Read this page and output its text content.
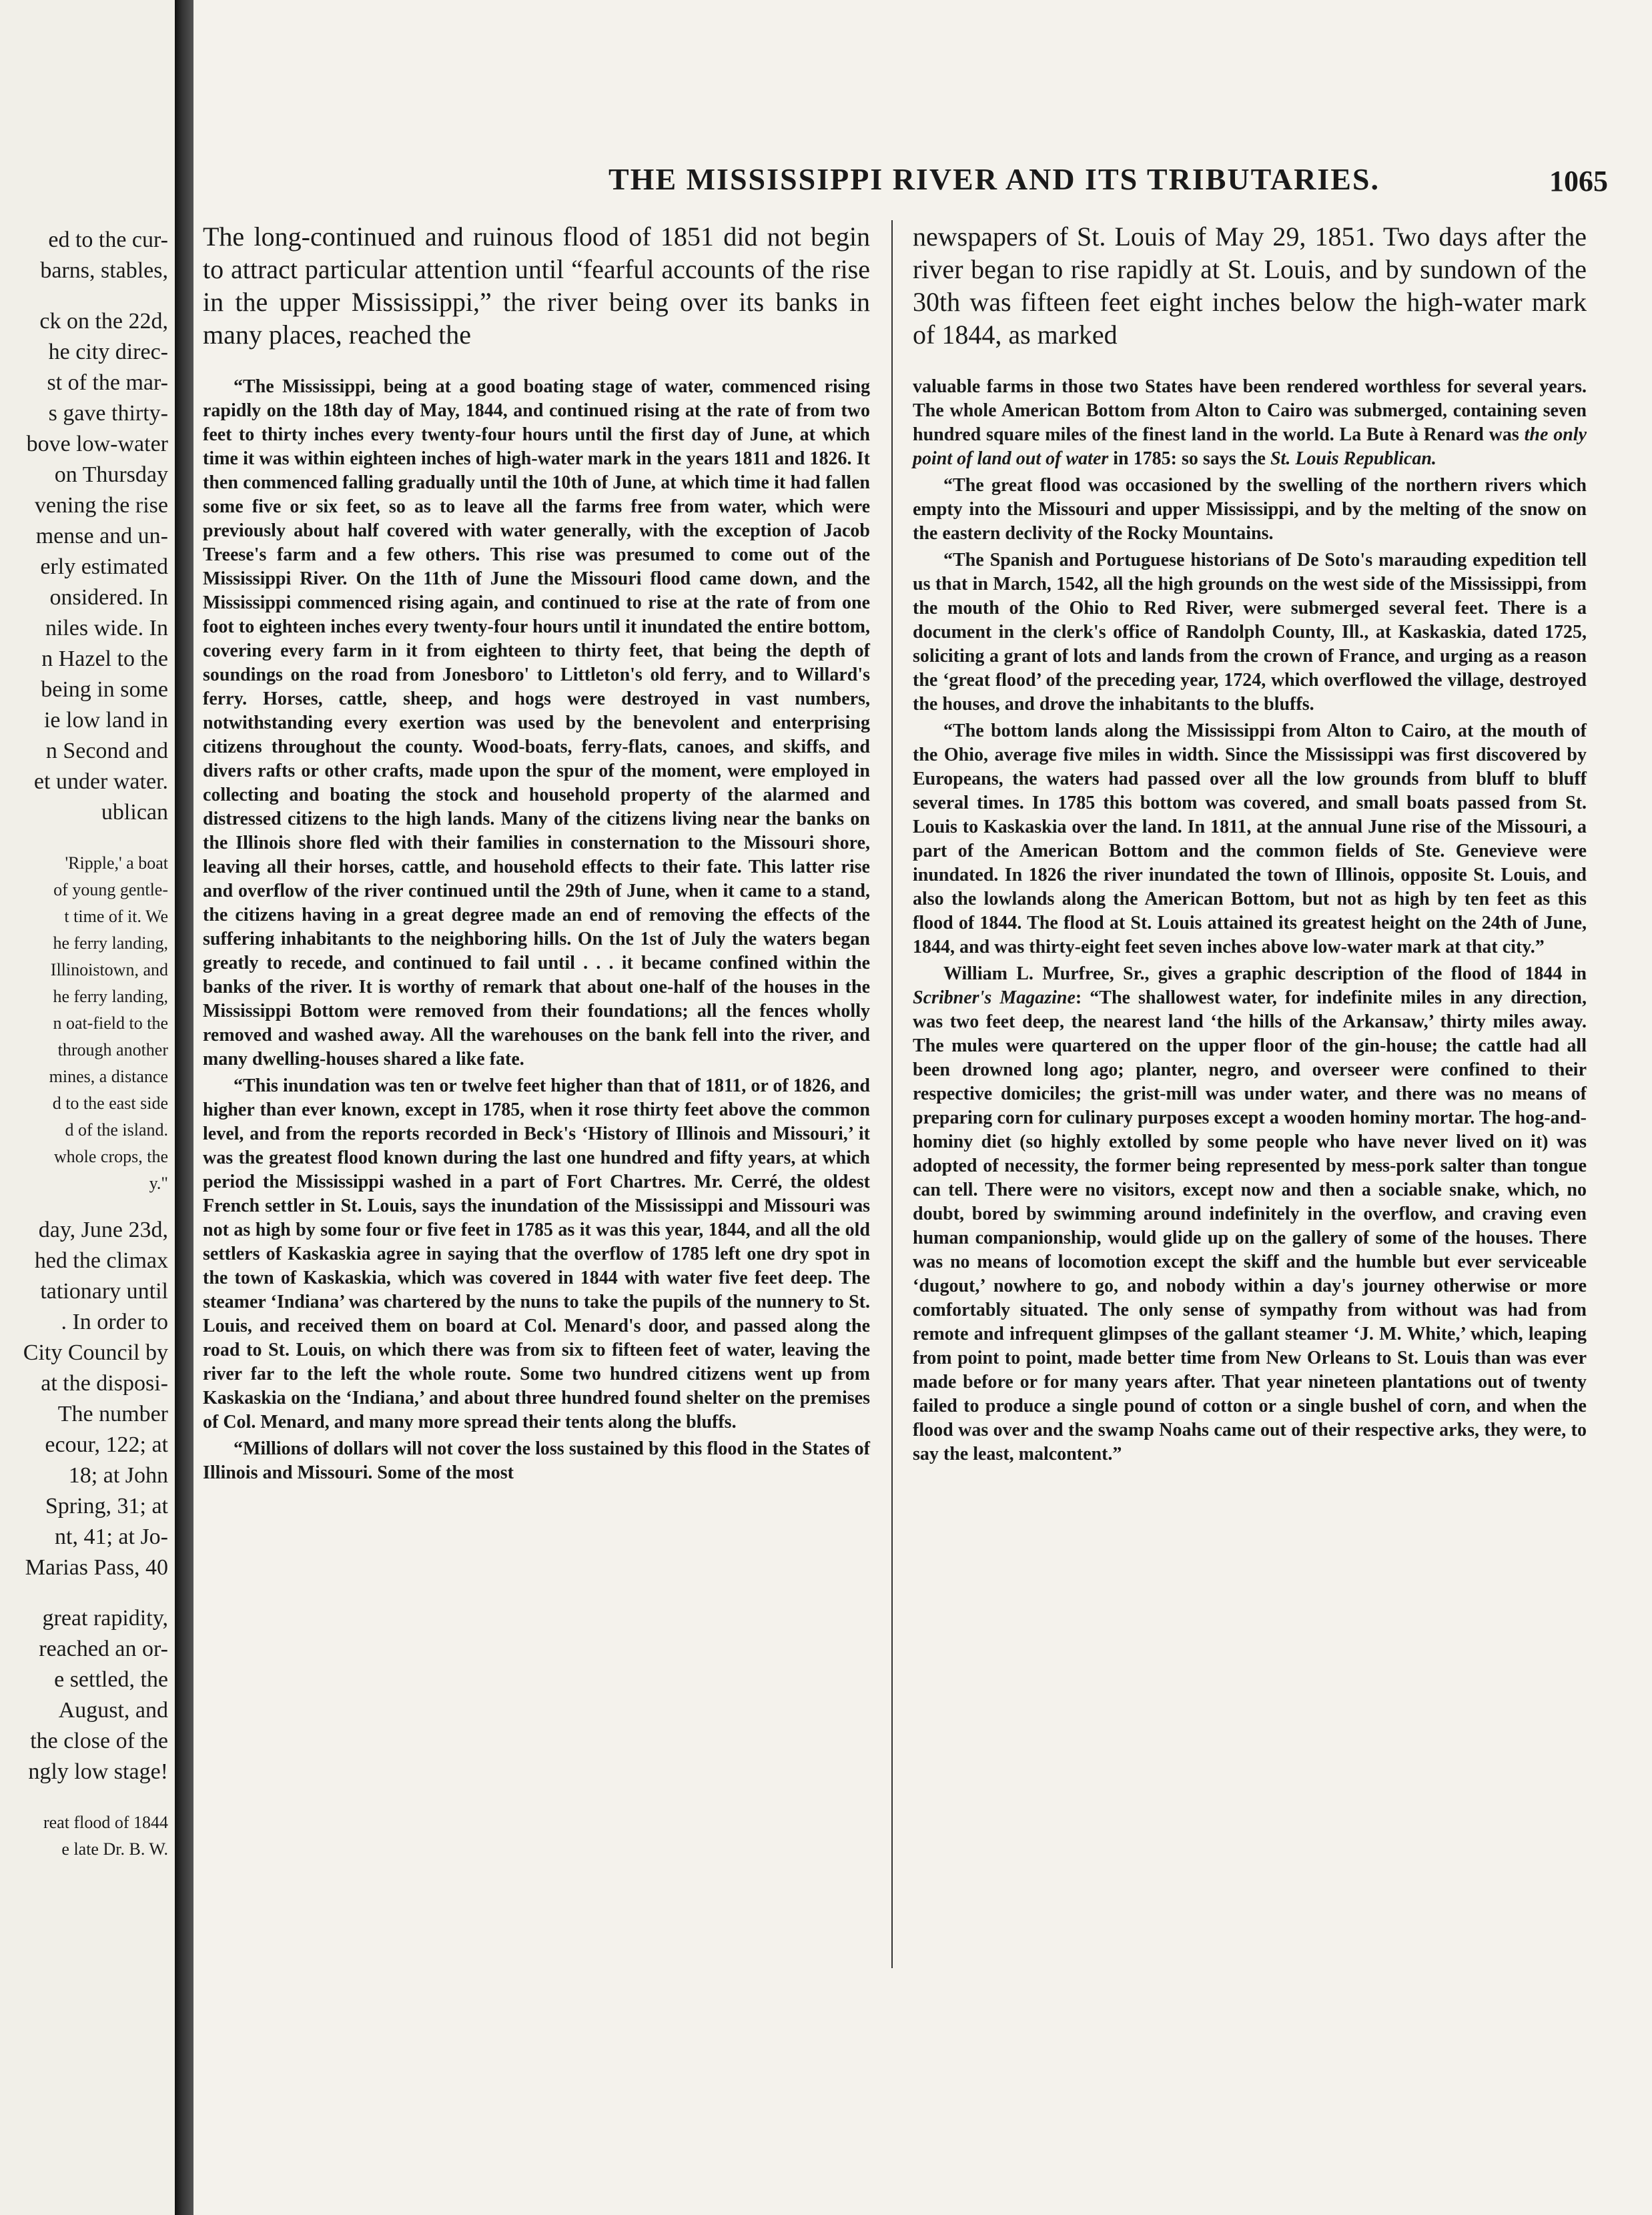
ed to the cur-
barns, stables,
ck on the 22d,
he city direc-
st of the mar-
s gave thirty-
bove low-water
on Thursday
vening the rise
mense and un-
erly estimated
onsidered. In
niles wide. In
n Hazel to the
being in some
ie low land in
n Second and
et under water.
ublican
'Ripple,' a boat
of young gentle-
t time of it. We
he ferry landing,
Illinoistown, and
he ferry landing,
n oat-field to the
through another
mines, a distance
d to the east side
d of the island.
whole crops, the
y."
day, June 23d,
hed the climax
tationary until
. In order to
City Council by
at the disposi-
The number
ecour, 122; at
18; at John
Spring, 31; at
nt, 41; at Jo-
Marias Pass, 40
great rapidity,
reached an or-
e settled, the
August, and
the close of the
ngly low stage!
reat flood of 1844
e late Dr. B. W.
THE MISSISSIPPI RIVER AND ITS TRIBUTARIES.	1065

The long-continued and ruinous flood of 1851 did not begin to attract particular attention until “fearful accounts of the rise in the upper Mississippi,” the river being over its banks in many places, reached the

“The Mississippi, being at a good boating stage of water, commenced rising rapidly on the 18th day of May, 1844, and continued rising at the rate of from two feet to thirty inches every twenty-four hours until the first day of June, at which time it was within eighteen inches of high-water mark in the years 1811 and 1826. It then commenced falling gradually until the 10th of June, at which time it had fallen some five or six feet, so as to leave all the farms free from water, which were previously about half covered with water generally, with the exception of Jacob Treese's farm and a few others. This rise was presumed to come out of the Mississippi River. On the 11th of June the Missouri flood came down, and the Mississippi commenced rising again, and continued to rise at the rate of from one foot to eighteen inches every twenty-four hours until it inundated the entire bottom, covering every farm in it from eighteen to thirty feet, that being the depth of soundings on the road from Jonesboro' to Littleton's old ferry, and to Willard's ferry. Horses, cattle, sheep, and hogs were destroyed in vast numbers, notwithstanding every exertion was used by the benevolent and enterprising citizens throughout the county. Wood-boats, ferry-flats, canoes, and skiffs, and divers rafts or other crafts, made upon the spur of the moment, were employed in collecting and boating the stock and household property of the alarmed and distressed citizens to the high lands. Many of the citizens living near the banks on the Illinois shore fled with their families in consternation to the Missouri shore, leaving all their horses, cattle, and household effects to their fate. This latter rise and overflow of the river continued until the 29th of June, when it came to a stand, the citizens having in a great degree made an end of removing the effects of the suffering inhabitants to the neighboring hills. On the 1st of July the waters began greatly to recede, and continued to fail until . . . it became confined within the banks of the river. It is worthy of remark that about one-half of the houses in the Mississippi Bottom were removed from their foundations; all the fences wholly removed and washed away. All the warehouses on the bank fell into the river, and many dwelling-houses shared a like fate.

“This inundation was ten or twelve feet higher than that of 1811, or of 1826, and higher than ever known, except in 1785, when it rose thirty feet above the common level, and from the reports recorded in Beck's ‘History of Illinois and Missouri,’ it was the greatest flood known during the last one hundred and fifty years, at which period the Mississippi washed in a part of Fort Chartres. Mr. Cerré, the oldest French settler in St. Louis, says the inundation of the Mississippi and Missouri was not as high by some four or five feet in 1785 as it was this year, 1844, and all the old settlers of Kaskaskia agree in saying that the overflow of 1785 left one dry spot in the town of Kaskaskia, which was covered in 1844 with water five feet deep. The steamer ‘Indiana’ was chartered by the nuns to take the pupils of the nunnery to St. Louis, and received them on board at Col. Menard's door, and passed along the road to St. Louis, on which there was from six to fifteen feet of water, leaving the river far to the left the whole route. Some two hundred citizens went up from Kaskaskia on the ‘Indiana,’ and about three hundred found shelter on the premises of Col. Menard, and many more spread their tents along the bluffs.

“Millions of dollars will not cover the loss sustained by this flood in the States of Illinois and Missouri. Some of the most

newspapers of St. Louis of May 29, 1851. Two days after the river began to rise rapidly at St. Louis, and by sundown of the 30th was fifteen feet eight inches below the high-water mark of 1844, as marked

valuable farms in those two States have been rendered worthless for several years. The whole American Bottom from Alton to Cairo was submerged, containing seven hundred square miles of the finest land in the world. La Bute à Renard was the only point of land out of water in 1785: so says the St. Louis Republican.

“The great flood was occasioned by the swelling of the northern rivers which empty into the Missouri and upper Mississippi, and by the melting of the snow on the eastern declivity of the Rocky Mountains.

“The Spanish and Portuguese historians of De Soto's marauding expedition tell us that in March, 1542, all the high grounds on the west side of the Mississippi, from the mouth of the Ohio to Red River, were submerged several feet. There is a document in the clerk's office of Randolph County, Ill., at Kaskaskia, dated 1725, soliciting a grant of lots and lands from the crown of France, and urging as a reason the ‘great flood’ of the preceding year, 1724, which overflowed the village, destroyed the houses, and drove the inhabitants to the bluffs.

“The bottom lands along the Mississippi from Alton to Cairo, at the mouth of the Ohio, average five miles in width. Since the Mississippi was first discovered by Europeans, the waters had passed over all the low grounds from bluff to bluff several times. In 1785 this bottom was covered, and small boats passed from St. Louis to Kaskaskia over the land. In 1811, at the annual June rise of the Missouri, a part of the American Bottom and the common fields of Ste. Genevieve were inundated. In 1826 the river inundated the town of Illinois, opposite St. Louis, and also the lowlands along the American Bottom, but not as high by ten feet as this flood of 1844. The flood at St. Louis attained its greatest height on the 24th of June, 1844, and was thirty-eight feet seven inches above low-water mark at that city.”

William L. Murfree, Sr., gives a graphic description of the flood of 1844 in Scribner's Magazine: “The shallowest water, for indefinite miles in any direction, was two feet deep, the nearest land ‘the hills of the Arkansaw,’ thirty miles away. The mules were quartered on the upper floor of the gin-house; the cattle had all been drowned long ago; planter, negro, and overseer were confined to their respective domiciles; the grist-mill was under water, and there was no means of preparing corn for culinary purposes except a wooden hominy mortar. The hog-and-hominy diet (so highly extolled by some people who have never lived on it) was adopted of necessity, the former being represented by mess-pork salter than tongue can tell. There were no visitors, except now and then a sociable snake, which, no doubt, bored by swimming around indefinitely in the overflow, and craving even human companionship, would glide up on the gallery of some of the houses. There was no means of locomotion except the skiff and the humble but ever serviceable ‘dugout,’ nowhere to go, and nobody within a day's journey otherwise or more comfortably situated. The only sense of sympathy from without was had from remote and infrequent glimpses of the gallant steamer ‘J. M. White,’ which, leaping from point to point, made better time from New Orleans to St. Louis than was ever made before or for many years after. That year nineteen plantations out of twenty failed to produce a single pound of cotton or a single bushel of corn, and when the flood was over and the swamp Noahs came out of their respective arks, they were, to say the least, malcontent.”
